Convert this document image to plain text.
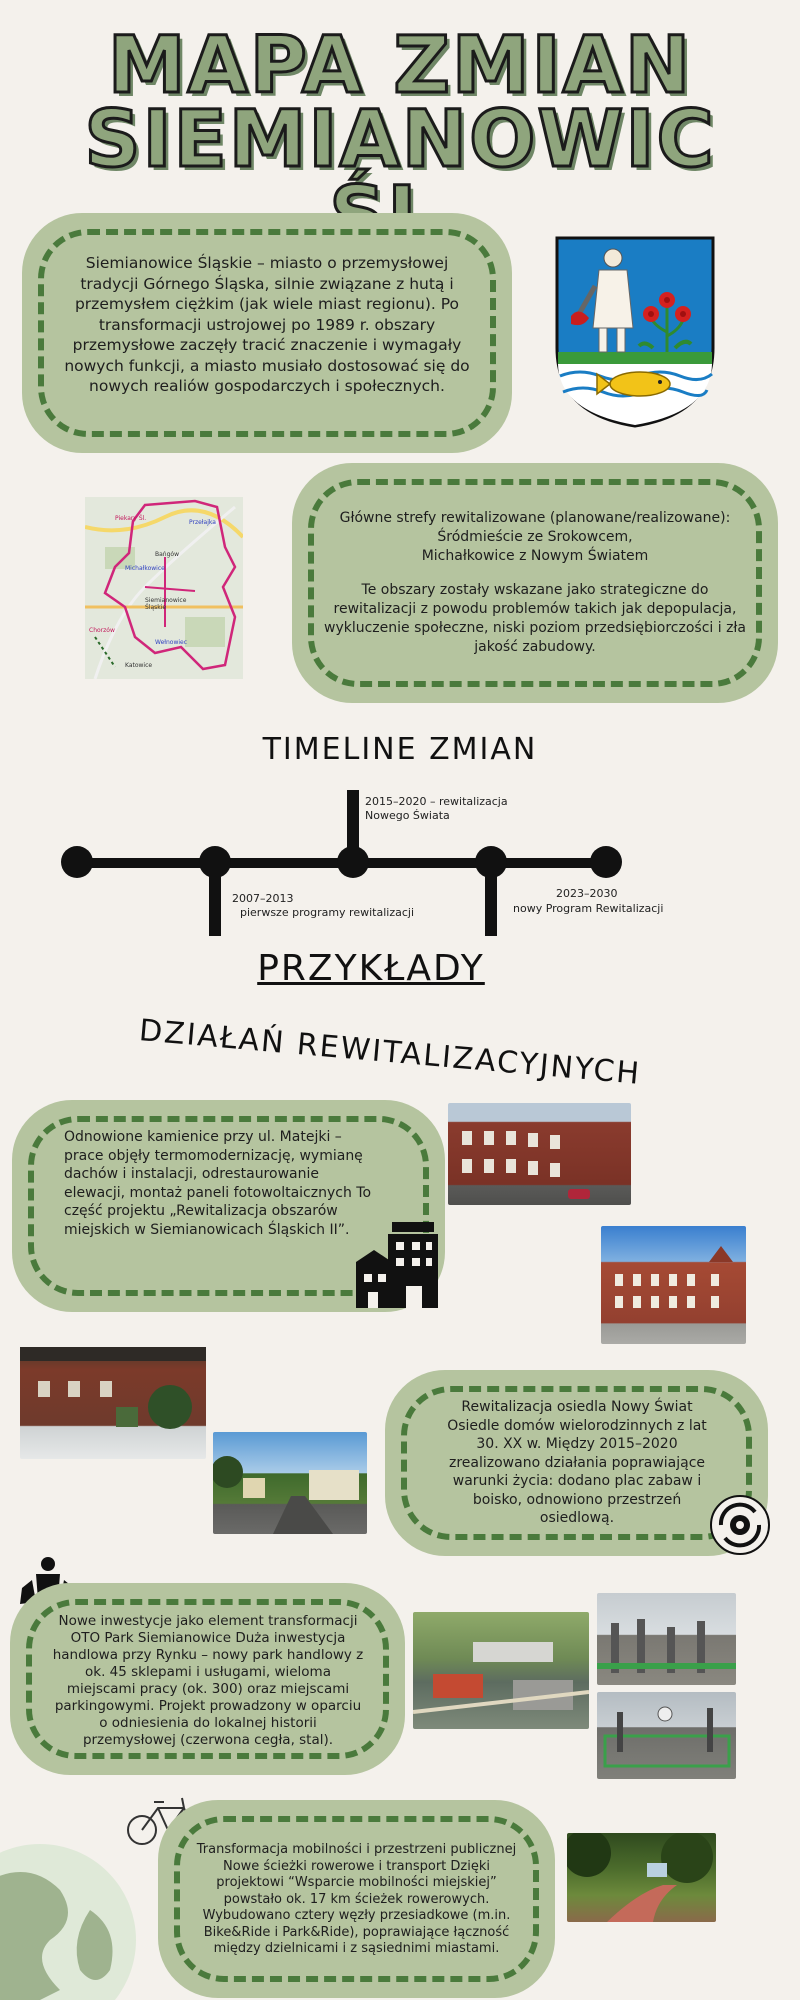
MAPA ZMIAN
SIEMIANOWIC
Siemianowice Śląskie – miasto o przemysłowej tradycji Górnego Śląska, silnie związane z hutą i przemysłem ciężkim (jak wiele miast regionu). Po transformacji ustrojowej po 1989 r. obszary przemysłowe zaczęły tracić znaczenie i wymagały nowych funkcji, a miasto musiało dostosować się do nowych realiów gospodarczych i społecznych.
Piekary Śl.
Przełajka
Bańgów
Michałkowice
Siemianowice Śląskie
Chorzów
Katowice
Wełnowiec
Główne strefy rewitalizowane (planowane/realizowane):
Śródmieście ze Srokowcem,
Michałkowice z Nowym Światem
Te obszary zostały wskazane jako strategiczne do rewitalizacji z powodu problemów takich jak depopulacja, wykluczenie społeczne, niski poziom przedsiębiorczości i zła jakość zabudowy.
TIMELINE ZMIAN
2007–2013
pierwsze programy rewitalizacji
2015–2020 – rewitalizacja
Nowego Świata
2023–2030
nowy Program Rewitalizacji
PRZYKŁADY
DZIAŁAŃ REWITALIZACYJNYCH
Odnowione kamienice przy ul. Matejki – prace objęły termomodernizację, wymianę dachów i instalacji, odrestaurowanie elewacji, montaż paneli fotowoltaicznych To część projektu „Rewitalizacja obszarów miejskich w Siemianowicach Śląskich II”.
Rewitalizacja osiedla Nowy Świat Osiedle domów wielorodzinnych z lat 30. XX w. Między 2015–2020 zrealizowano działania poprawiające warunki życia: dodano plac zabaw i boisko, odnowiono przestrzeń osiedlową.
Nowe inwestycje jako element transformacji OTO Park Siemianowice Duża inwestycja handlowa przy Rynku – nowy park handlowy z ok. 45 sklepami i usługami, wieloma miejscami pracy (ok. 300) oraz miejscami parkingowymi. Projekt prowadzony w oparciu o odniesienia do lokalnej historii przemysłowej (czerwona cegła, stal).
Transformacja mobilności i przestrzeni publicznej Nowe ścieżki rowerowe i transport Dzięki projektowi “Wsparcie mobilności miejskiej” powstało ok. 17 km ścieżek rowerowych. Wybudowano cztery węzły przesiadkowe (m.in. Bike&Ride i Park&Ride), poprawiające łączność między dzielnicami i z sąsiednimi miastami.
